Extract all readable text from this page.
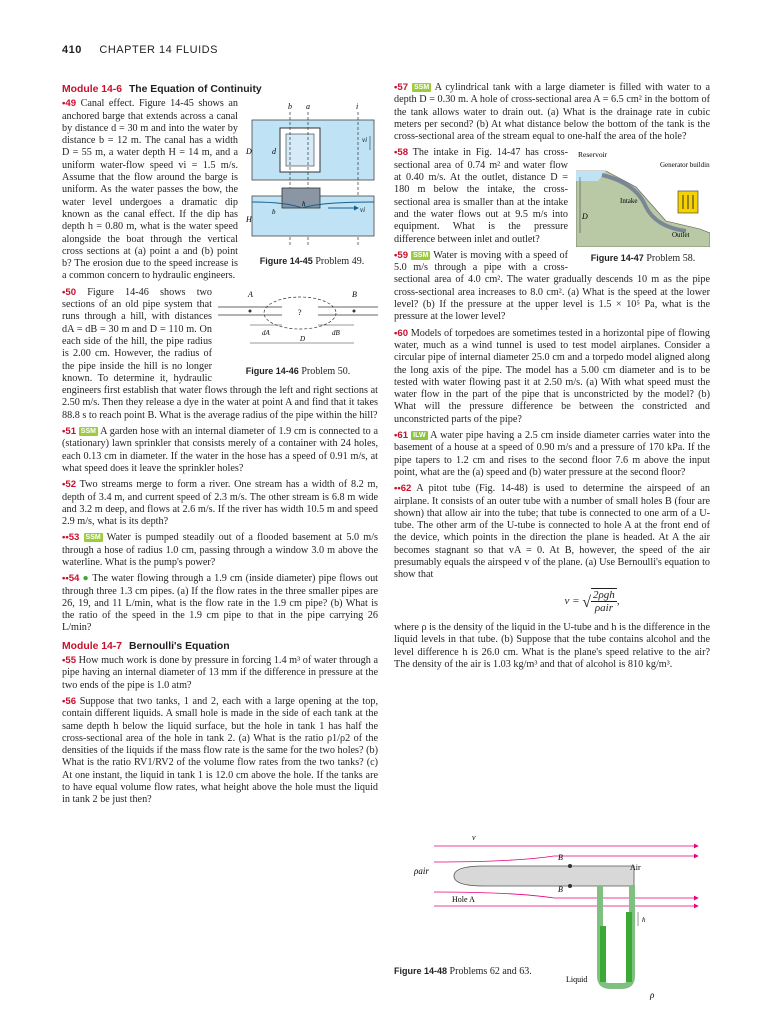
410 CHAPTER 14 FLUIDS
Module 14-6 The Equation of Continuity
b a	i
D	d
vi
H
b
h
vi
Figure 14-45 Problem 49.

•49 Canal effect. Figure 14-45 shows an anchored barge that extends across a canal by distance d = 30 m and into the water by distance b = 12 m. The canal has a width D = 55 m, a water depth H = 14 m, and a uniform water-flow speed vi = 1.5 m/s. Assume that the flow around the barge is uniform. As the water passes the bow, the water level undergoes a dramatic dip known as the canal effect. If the dip has depth h = 0.80 m, what is the water speed alongside the boat through the vertical cross sections at (a) point a and (b) point b? The erosion due to the speed increase is a common concern to hydraulic engineers.

A	B
?
dA	dB
D
Figure 14-46 Problem 50.

•50 Figure 14-46 shows two sections of an old pipe system that runs through a hill, with distances dA = dB = 30 m and D = 110 m. On each side of the hill, the pipe radius is 2.00 cm. However, the radius of the pipe inside the hill is no longer known. To determine it, hydraulic engineers first establish that water flows through the left and right sections at 2.50 m/s. Then they release a dye in the water at point A and find that it takes 88.8 s to reach point B. What is the average radius of the pipe within the hill?

•51 SSM A garden hose with an internal diameter of 1.9 cm is connected to a (stationary) lawn sprinkler that consists merely of a container with 24 holes, each 0.13 cm in diameter. If the water in the hose has a speed of 0.91 m/s, at what speed does it leave the sprinkler holes?

•52 Two streams merge to form a river. One stream has a width of 8.2 m, depth of 3.4 m, and current speed of 2.3 m/s. The other stream is 6.8 m wide and 3.2 m deep, and flows at 2.6 m/s. If the river has width 10.5 m and speed 2.9 m/s, what is its depth?

••53 SSM Water is pumped steadily out of a flooded basement at 5.0 m/s through a hose of radius 1.0 cm, passing through a window 3.0 m above the waterline. What is the pump's power?

••54 ● The water flowing through a 1.9 cm (inside diameter) pipe flows out through three 1.3 cm pipes. (a) If the flow rates in the three smaller pipes are 26, 19, and 11 L/min, what is the flow rate in the 1.9 cm pipe? (b) What is the ratio of the speed in the 1.9 cm pipe to that in the pipe carrying 26 L/min?

Module 14-7 Bernoulli's Equation

•55 How much work is done by pressure in forcing 1.4 m³ of water through a pipe having an internal diameter of 13 mm if the difference in pressure at the two ends of the pipe is 1.0 atm?

•56 Suppose that two tanks, 1 and 2, each with a large opening at the top, contain different liquids. A small hole is made in the side of each tank at the same depth h below the liquid surface, but the hole in tank 1 has half the cross-sectional area of the hole in tank 2. (a) What is the ratio ρ1/ρ2 of the densities of the liquids if the mass flow rate is the same for the two holes? (b) What is the ratio RV1/RV2 of the volume flow rates from the two tanks? (c) At one instant, the liquid in tank 1 is 12.0 cm above the hole. If the tanks are to have equal volume flow rates, what height above the hole must the liquid in tank 2 be just then?

•57 SSM A cylindrical tank with a large diameter is filled with water to a depth D = 0.30 m. A hole of cross-sectional area A = 6.5 cm² in the bottom of the tank allows water to drain out. (a) What is the drainage rate in cubic meters per second? (b) At what distance below the bottom of the tank is the cross-sectional area of the stream equal to one-half the area of the hole?

Reservoir
Intake
D
Generator building
Outlet
Figure 14-47 Problem 58.

•58 The intake in Fig. 14-47 has cross-sectional area of 0.74 m² and water flow at 0.40 m/s. At the outlet, distance D = 180 m below the intake, the cross-sectional area is smaller than at the intake and the water flows out at 9.5 m/s into equipment. What is the pressure difference between inlet and outlet?

•59 SSM Water is moving with a speed of 5.0 m/s through a pipe with a cross-sectional area of 4.0 cm². The water gradually descends 10 m as the pipe cross-sectional area increases to 8.0 cm². (a) What is the speed at the lower level? (b) If the pressure at the upper level is 1.5 × 10⁵ Pa, what is the pressure at the lower level?

•60 Models of torpedoes are sometimes tested in a horizontal pipe of flowing water, much as a wind tunnel is used to test model airplanes. Consider a circular pipe of internal diameter 25.0 cm and a torpedo model aligned along the long axis of the pipe. The model has a 5.00 cm diameter and is to be tested with water flowing past it at 2.50 m/s. (a) With what speed must the water flow in the part of the pipe that is unconstricted by the model? (b) What will the pressure difference be between the constricted and unconstricted parts of the pipe?

•61 ILW A water pipe having a 2.5 cm inside diameter carries water into the basement of a house at a speed of 0.90 m/s and a pressure of 170 kPa. If the pipe tapers to 1.2 cm and rises to the second floor 7.6 m above the input point, what are the (a) speed and (b) water pressure at the second floor?

••62 A pitot tube (Fig. 14-48) is used to determine the airspeed of an airplane. It consists of an outer tube with a number of small holes B (four are shown) that allow air into the tube; that tube is connected to one arm of a U-tube. The other arm of the U-tube is connected to hole A at the front end of the device, which points in the direction the plane is headed. At A the air becomes stagnant so that vA = 0. At B, however, the speed of the air presumably equals the airspeed v of the plane. (a) Use Bernoulli's equation to show that

v = √ 2ρgh
ρair
,

where ρ is the density of the liquid in the U-tube and h is the difference in the liquid levels in that tube. (b) Suppose that the tube contains alcohol and the level difference h is 26.0 cm. What is the plane's speed relative to the air? The density of the air is 1.03 kg/m³ and that of alcohol is 810 kg/m³.

v
B
B
Air
ρair
Hole A
Liquid
h
ρ
Figure 14-48 Problems 62 and 63.
